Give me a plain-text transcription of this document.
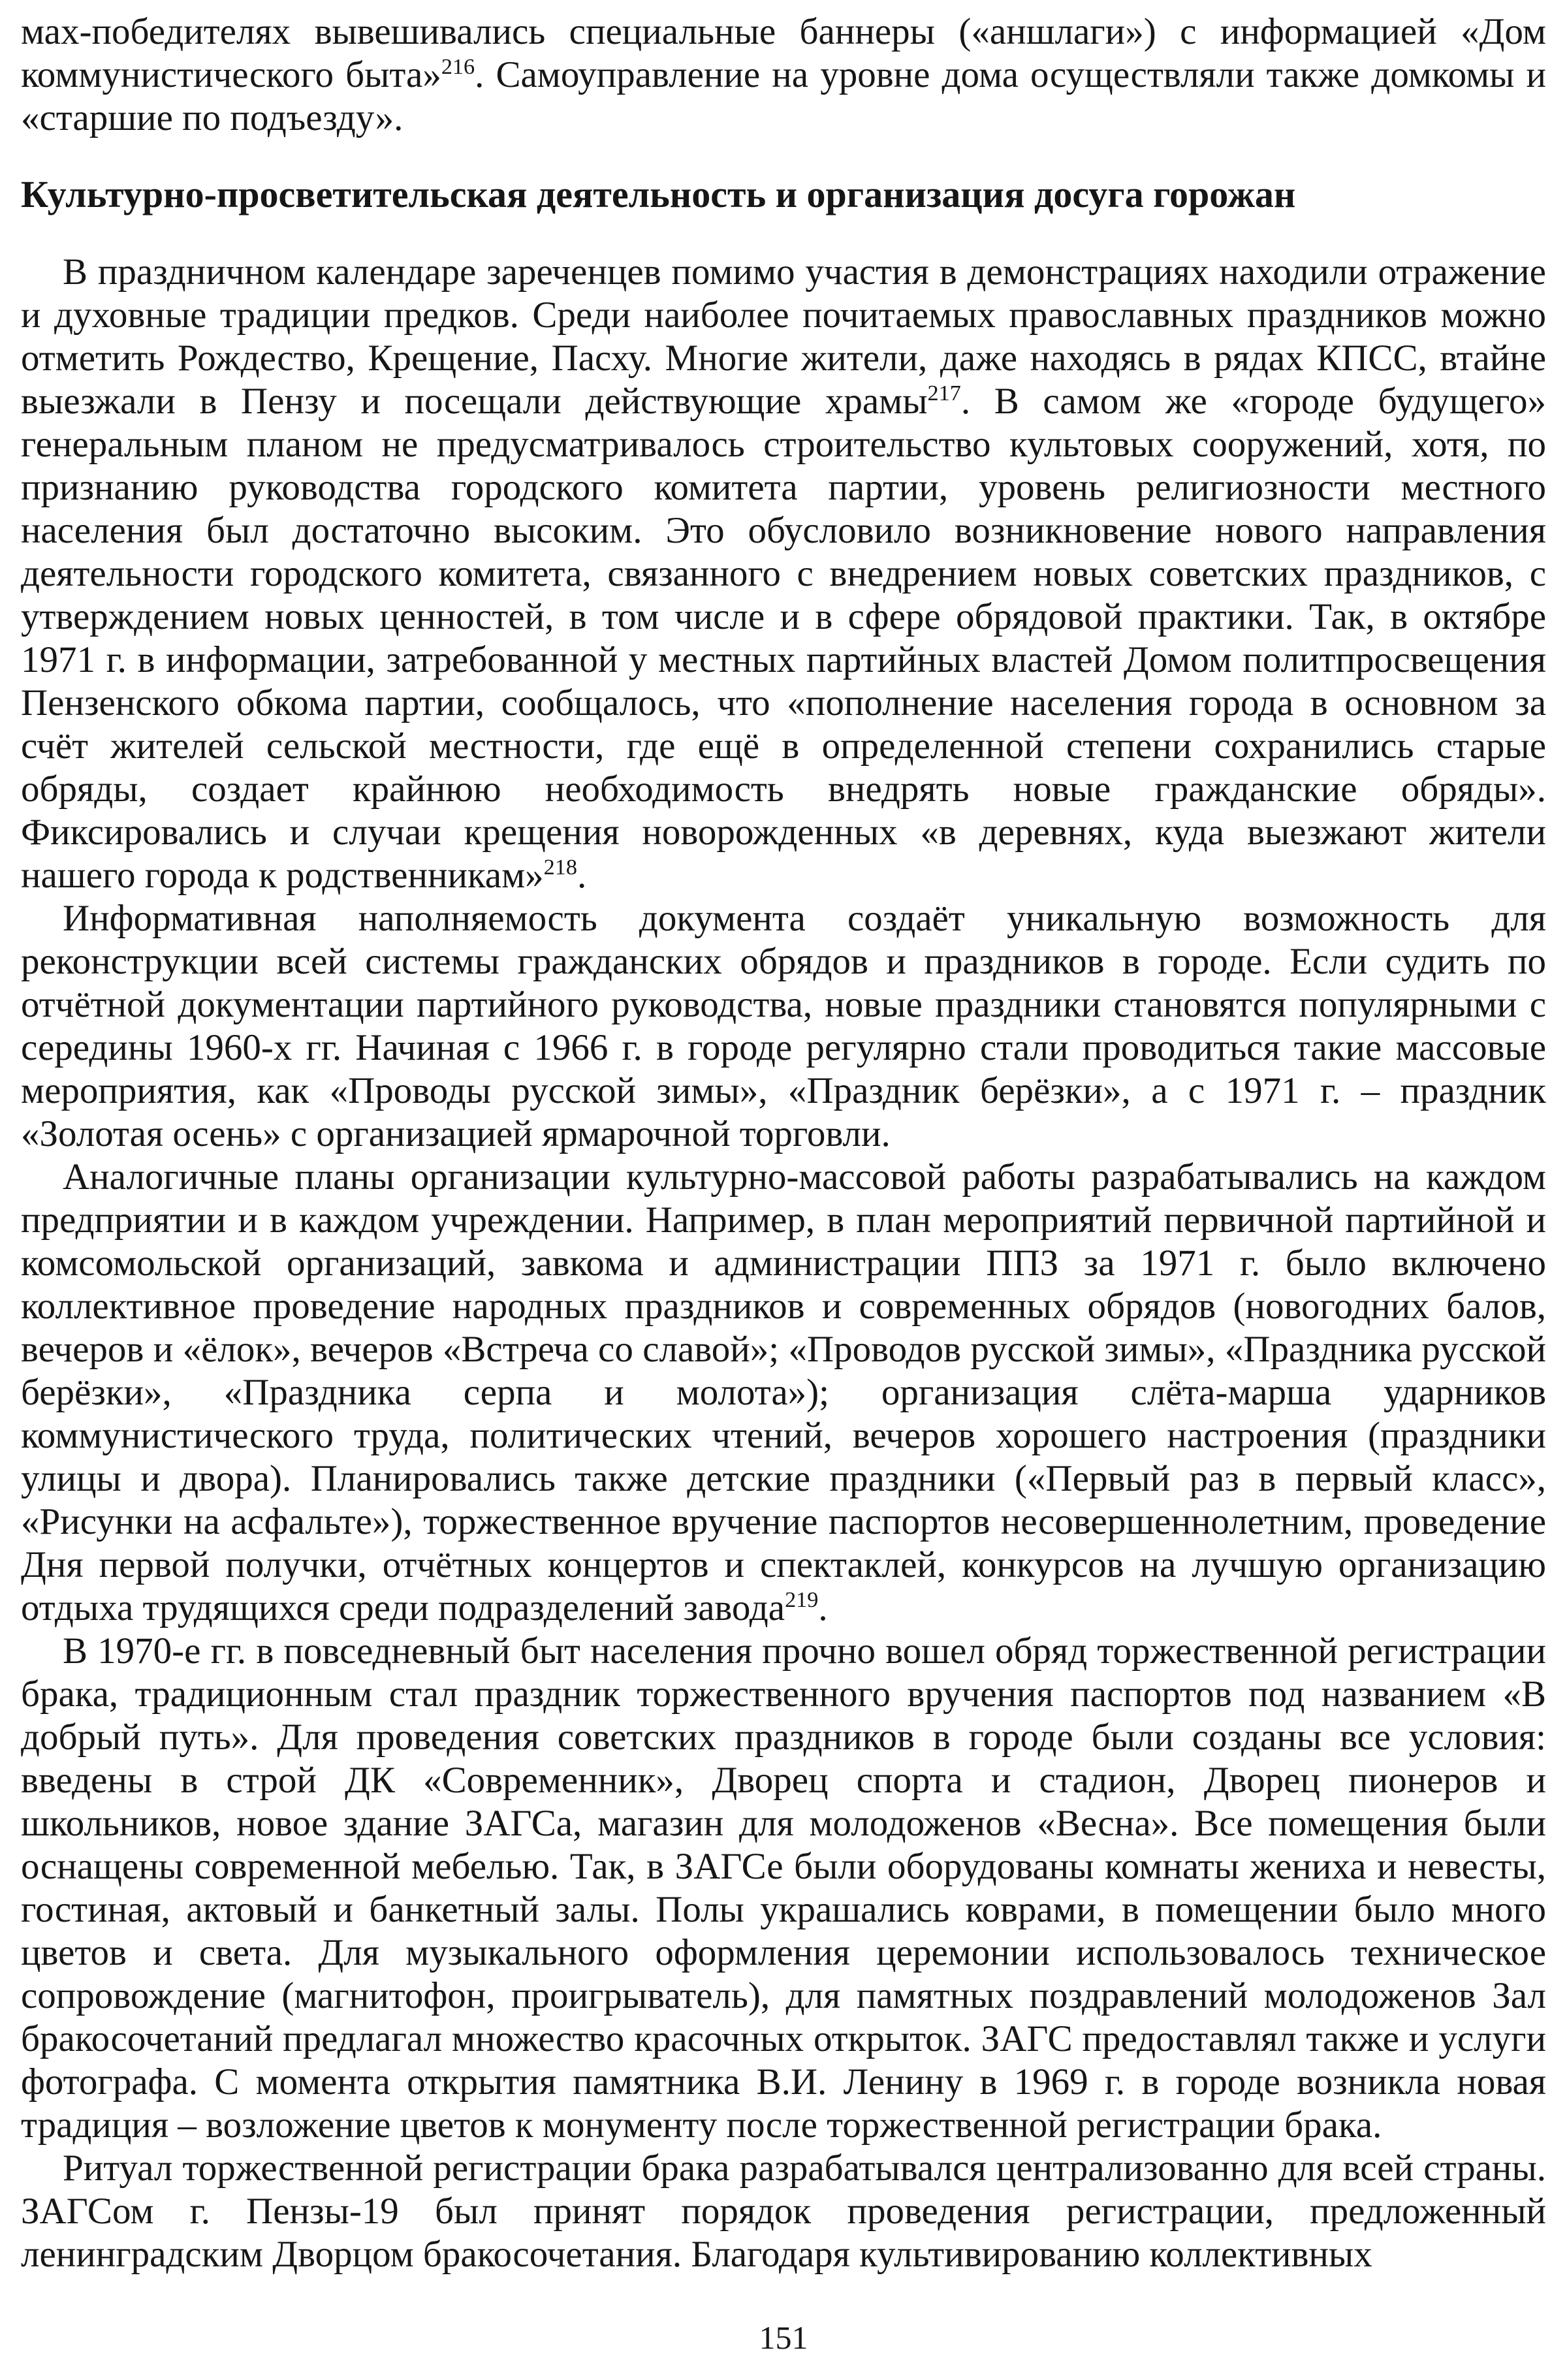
мах-победителях вывешивались специальные баннеры («аншлаги») с информацией «Дом коммунистического быта»$^{216}$. Самоуправление на уровне дома осуществляли также домкомы и «старшие по подъезду».

Культурно-просветительская деятельность и организация досуга горожан

В праздничном календаре зареченцев помимо участия в демонстрациях находили отражение и духовные традиции предков. Среди наиболее почитаемых православных праздников можно отметить Рождество, Крещение, Пасху. Многие жители, даже находясь в рядах КПСС, втайне выезжали в Пензу и посещали действующие храмы$^{217}$. В самом же «городе будущего» генеральным планом не предусматривалось строительство культовых сооружений, хотя, по признанию руководства городского комитета партии, уровень религиозности местного населения был достаточно высоким. Это обусловило возникновение нового направления деятельности городского комитета, связанного с внедрением новых советских праздников, с утверждением новых ценностей, в том числе и в сфере обрядовой практики. Так, в октябре 1971 г. в информации, затребованной у местных партийных властей Домом политпросвещения Пензенского обкома партии, сообщалось, что «пополнение населения города в основном за счёт жителей сельской местности, где ещё в определенной степени сохранились старые обряды, создает крайнюю необходимость внедрять новые гражданские обряды». Фиксировались и случаи крещения новорожденных «в деревнях, куда выезжают жители нашего города к родственникам»$^{218}$.

Информативная наполняемость документа создаёт уникальную возможность для реконструкции всей системы гражданских обрядов и праздников в городе. Если судить по отчётной документации партийного руководства, новые праздники становятся популярными с середины 1960-х гг. Начиная с 1966 г. в городе регулярно стали проводиться такие массовые мероприятия, как «Проводы русской зимы», «Праздник берёзки», а с 1971 г. – праздник «Золотая осень» с организацией ярмарочной торговли.

Аналогичные планы организации культурно-массовой работы разрабатывались на каждом предприятии и в каждом учреждении. Например, в план мероприятий первичной партийной и комсомольской организаций, завкома и администрации ППЗ за 1971 г. было включено коллективное проведение народных праздников и современных обрядов (новогодних балов, вечеров и «ёлок», вечеров «Встреча со славой»; «Проводов русской зимы», «Праздника русской берёзки», «Праздника серпа и молота»); организация слёта-марша ударников коммунистического труда, политических чтений, вечеров хорошего настроения (праздники улицы и двора). Планировались также детские праздники («Первый раз в первый класс», «Рисунки на асфальте»), торжественное вручение паспортов несовершеннолетним, проведение Дня первой получки, отчётных концертов и спектаклей, конкурсов на лучшую организацию отдыха трудящихся среди подразделений завода$^{219}$.

В 1970-е гг. в повседневный быт населения прочно вошел обряд торжественной регистрации брака, традиционным стал праздник торжественного вручения паспортов под названием «В добрый путь». Для проведения советских праздников в городе были созданы все условия: введены в строй ДК «Современник», Дворец спорта и стадион, Дворец пионеров и школьников, новое здание ЗАГСа, магазин для молодоженов «Весна». Все помещения были оснащены современной мебелью. Так, в ЗАГСе были оборудованы комнаты жениха и невесты, гостиная, актовый и банкетный залы. Полы украшались коврами, в помещении было много цветов и света. Для музыкального оформления церемонии использовалось техническое сопровождение (магнитофон, проигрыватель), для памятных поздравлений молодоженов Зал бракосочетаний предлагал множество красочных открыток. ЗАГС предоставлял также и услуги фотографа. С момента открытия памятника В.И. Ленину в 1969 г. в городе возникла новая традиция – возложение цветов к монументу после торжественной регистрации брака.

Ритуал торжественной регистрации брака разрабатывался централизованно для всей страны. ЗАГСом г. Пензы-19 был принят порядок проведения регистрации, предложенный ленинградским Дворцом бракосочетания. Благодаря культивированию коллективных

151
